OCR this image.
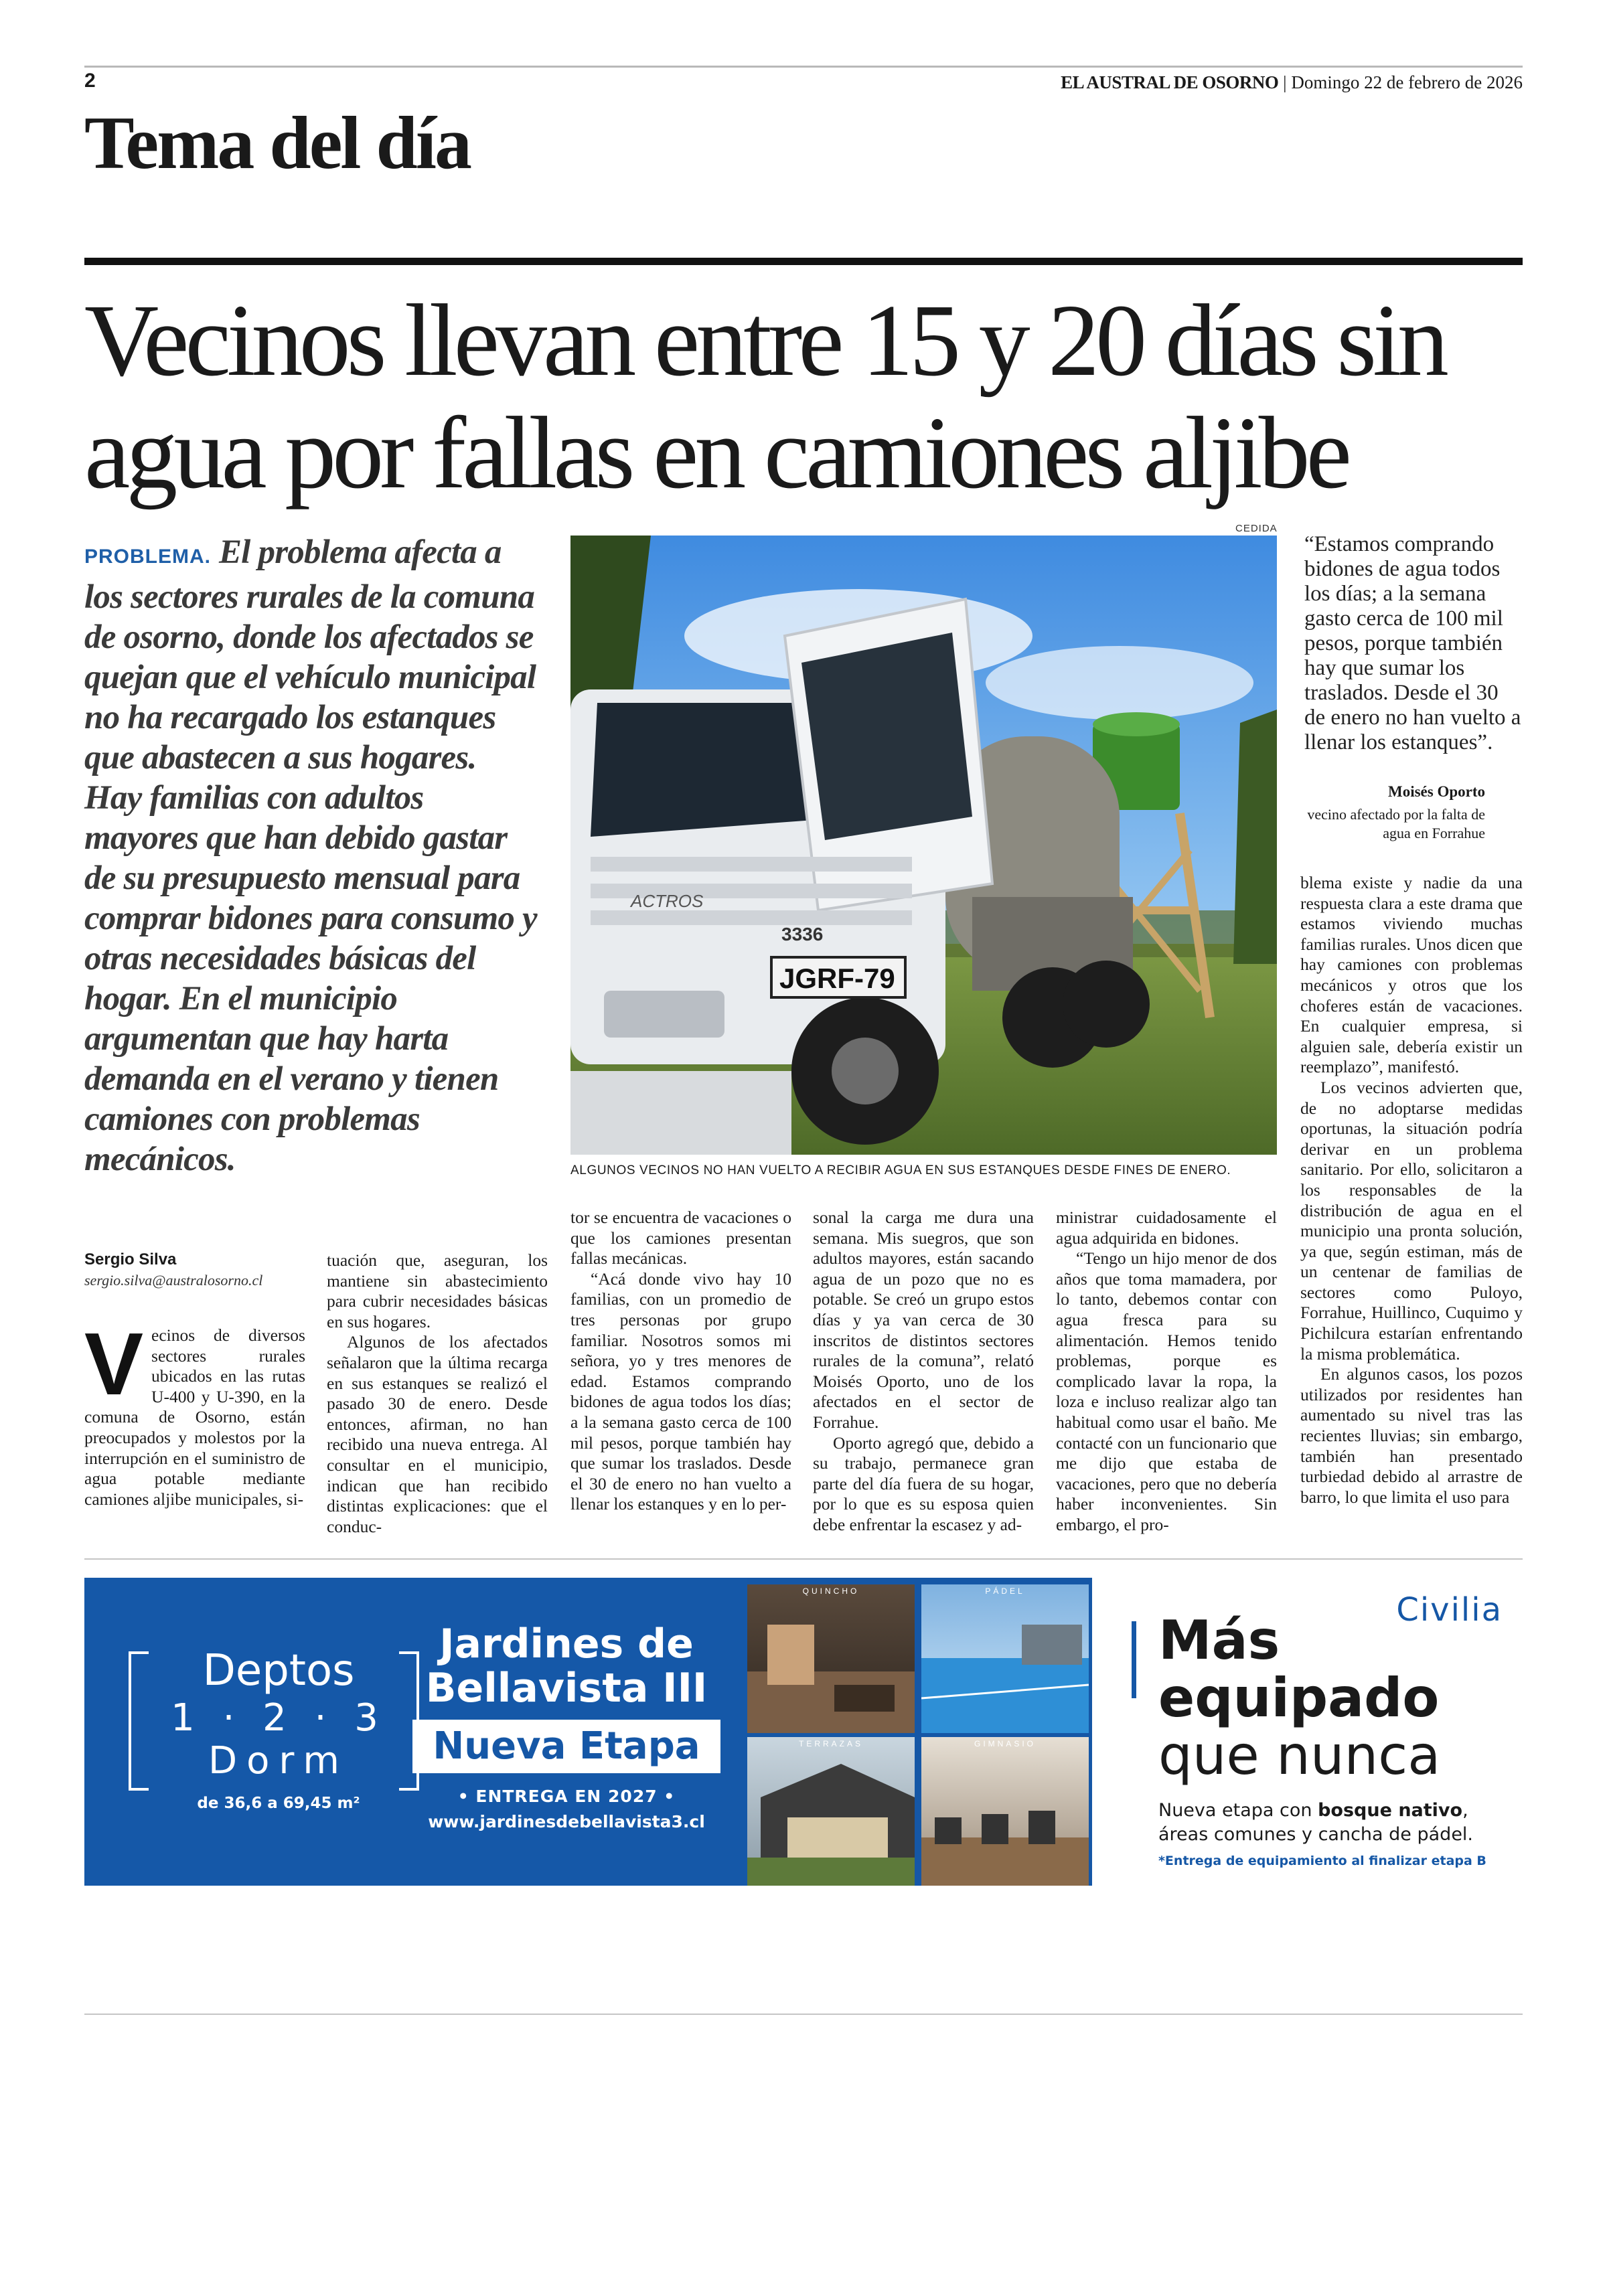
2	EL AUSTRAL DE OSORNO | Domingo 22 de febrero de 2026
Tema del día
Vecinos llevan entre 15 y 20 días sin
agua por fallas en camiones aljibe
PROBLEMA. El problema afecta a los sectores rurales de la comuna de osorno, donde los afectados se quejan que el vehículo municipal no ha recargado los estanques que abastecen a sus hogares. Hay familias con adultos mayores que han debido gastar de su presupuesto mensual para comprar bidones para consumo y otras necesidades básicas del hogar. En el municipio argumentan que hay harta demanda en el verano y tienen camiones con problemas mecánicos.
Sergio Silva
sergio.silva@australosorno.cl
CEDIDA
ACTROS
3336
JGRF-79
ALGUNOS VECINOS NO HAN VUELTO A RECIBIR AGUA EN SUS ESTANQUES DESDE FINES DE ENERO.
“Estamos comprando bidones de agua todos los días; a la semana gasto cerca de 100 mil pesos, porque también hay que sumar los traslados. Desde el 30 de enero no han vuelto a llenar los estanques”.
Moisés Oporto
vecino afectado por la falta de agua en Forrahue
V ecinos de diversos sectores rurales ubicados en las rutas U-400 y U-390, en la comuna de Osorno, están preocupados y molestos por la interrupción en el suministro de agua potable mediante camiones aljibe municipales, si-

tuación que, aseguran, los mantiene sin abastecimiento para cubrir necesidades básicas en sus hogares.

Algunos de los afectados señalaron que la última recarga en sus estanques se realizó el pasado 30 de enero. Desde entonces, afirman, no han recibido una nueva entrega. Al consultar en el municipio, indican que han recibido distintas explicaciones: que el conduc-

tor se encuentra de vacaciones o que los camiones presentan fallas mecánicas.

“Acá donde vivo hay 10 familias, con un promedio de tres personas por grupo familiar. Nosotros somos mi señora, yo y tres menores de edad. Estamos comprando bidones de agua todos los días; a la semana gasto cerca de 100 mil pesos, porque también hay que sumar los traslados. Desde el 30 de enero no han vuelto a llenar los estanques y en lo per-

sonal la carga me dura una semana. Mis suegros, que son adultos mayores, están sacando agua de un pozo que no es potable. Se creó un grupo estos días y ya van cerca de 30 inscritos de distintos sectores rurales de la comuna”, relató Moisés Oporto, uno de los afectados en el sector de Forrahue.

Oporto agregó que, debido a su trabajo, permanece gran parte del día fuera de su hogar, por lo que es su esposa quien debe enfrentar la escasez y ad-

ministrar cuidadosamente el agua adquirida en bidones.

“Tengo un hijo menor de dos años que toma mamadera, por lo tanto, debemos contar con agua fresca para su alimentación. Hemos tenido problemas, porque es complicado lavar la ropa, la loza e incluso realizar algo tan habitual como usar el baño. Me contacté con un funcionario que me dijo que estaba de vacaciones, pero que no debería haber inconvenientes. Sin embargo, el pro-

blema existe y nadie da una respuesta clara a este drama que estamos viviendo muchas familias rurales. Unos dicen que hay camiones con problemas mecánicos y otros que los choferes están de vacaciones. En cualquier empresa, si alguien sale, debería existir un reemplazo”, manifestó.

Los vecinos advierten que, de no adoptarse medidas oportunas, la situación podría derivar en un problema sanitario. Por ello, solicitaron a los responsables de la distribución de agua en el municipio una pronta solución, ya que, según estiman, más de un centenar de familias de sectores como Puloyo, Forrahue, Huillinco, Cuquimo y Pichilcura estarían enfrentando la misma problemática.

En algunos casos, los pozos utilizados por residentes han aumentado su nivel tras las recientes lluvias; sin embargo, también han presentado turbiedad debido al arrastre de barro, lo que limita el uso para

Deptos
1 · 2 · 3
Dorm
de 36,6 a 69,45 m²
Jardines de Bellavista III
Nueva Etapa
• ENTREGA EN 2027 •
www.jardinesdebellavista3.cl
QUINCHO	PÁDEL
TERRAZAS	GIMNASIO
Civilia
Más
equipado
que nunca
Nueva etapa con bosque nativo, áreas comunes y cancha de pádel.
*Entrega de equipamiento al finalizar etapa B
